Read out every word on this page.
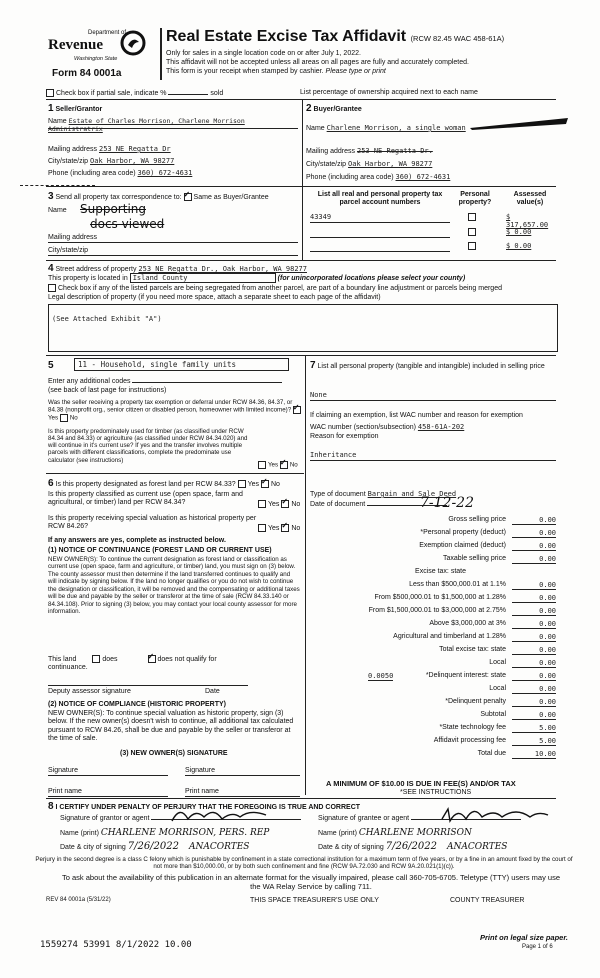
Department of
Revenue
Washington State
Form 84 0001a
Real Estate Excise Tax Affidavit (RCW 82.45 WAC 458-61A)
Only for sales in a single location code on or after July 1, 2022.
This affidavit will not be accepted unless all areas on all pages are fully and accurately completed.
This form is your receipt when stamped by cashier. Please type or print
Check box if partial sale, indicate %	sold	List percentage of ownership acquired next to each name
1 Seller/Grantor
Name Estate of Charles Morrison, Charlene Morrison Administratrix
Mailing address 253 NE Regatta Dr
City/state/zip Oak Harbor, WA 98277
Phone (including area code) 360) 672-4631
2 Buyer/Grantee
Name Charlene Morrison, a single woman
Mailing address 253 NE Regatta Dr.
City/state/zip Oak Harbor, WA 98277
Phone (including area code) 360) 672-4631
3 Send all property tax correspondence to: ✓ Same as Buyer/Grantee
Name Supporting
docs viewed
Mailing address
City/state/zip
List all real and personal property tax
parcel account numbers
Personal
property?
Assessed
value(s)
43349	$ 317,657.00
$ 0.00
$ 0.00
4 Street address of property 253 NE Regatta Dr., Oak Harbor, WA 98277
This property is located in Island County	(for unincorporated locations please select your county)
Check box if any of the listed parcels are being segregated from another parcel, are part of a boundary line adjustment or parcels being merged
Legal description of property (if you need more space, attach a separate sheet to each page of the affidavit)
(See Attached Exhibit "A")
5	11 - Household, single family units
Enter any additional codes
(see back of last page for instructions)
Was the seller receiving a property tax exemption or deferral under RCW 84.36, 84.37, or 84.38 (nonprofit org., senior citizen or disabled person, homeowner with limited income)? ✓Yes No
Is this property predominately used for timber (as classified under RCW 84.34 and 84.33) or agriculture (as classified under RCW 84.34.020) and will continue in it's current use? If yes and the transfer involves multiple parcels with different classifications, complete the predominate use calculator (see instructions)
Yes ✓ No
6 Is this property designated as forest land per RCW 84.33? Yes ✓ No
Is this property classified as current use (open space, farm and agricultural, or timber) land per RCW 84.34?	Yes ✓ No
Is this property receiving special valuation as historical property per RCW 84.26?	Yes ✓ No
If any answers are yes, complete as instructed below.
(1) NOTICE OF CONTINUANCE (FOREST LAND OR CURRENT USE)
NEW OWNER(S): To continue the current designation as forest land or classification as current use (open space, farm and agriculture, or timber) land, you must sign on (3) below. The county assessor must then determine if the land transferred continues to qualify and will indicate by signing below. If the land no longer qualifies or you do not wish to continue the designation or classification, it will be removed and the compensating or additional taxes will be due and payable by the seller or transferor at the time of sale (RCW 84.33.140 or 84.34.108). Prior to signing (3) below, you may contact your local county assessor for more information.
This land	does ✓	does not qualify for
continuance.
Deputy assessor signature	Date
(2) NOTICE OF COMPLIANCE (HISTORIC PROPERTY)
NEW OWNER(S): To continue special valuation as historic property, sign (3) below. If the new owner(s) doesn't wish to continue, all additional tax calculated pursuant to RCW 84.26, shall be due and payable by the seller or transferor at the time of sale.
(3) NEW OWNER(S) SIGNATURE
Signature	Signature
Print name	Print name
7 List all personal property (tangible and intangible) included in selling price
None
If claiming an exemption, list WAC number and reason for exemption
WAC number (section/subsection) 458-61A-202
Reason for exemption
Inheritance
Type of document Bargain and Sale Deed
Date of document	7-12-22
Gross selling price	0.00
*Personal property (deduct)	0.00
Exemption claimed (deduct)	0.00
Taxable selling price	0.00
Excise tax: state
Less than $500,000.01 at 1.1%	0.00
From $500,000.01 to $1,500,000 at 1.28%	0.00
From $1,500,000.01 to $3,000,000 at 2.75%	0.00
Above $3,000,000 at 3%	0.00
Agricultural and timberland at 1.28%	0.00
Total excise tax: state	0.00
Local	0.00
*Delinquent interest: state	0.00
Local	0.00
*Delinquent penalty	0.00
Subtotal	0.00
*State technology fee	5.00
Affidavit processing fee	5.00
Total due	10.00
0.0050
A MINIMUM OF $10.00 IS DUE IN FEE(S) AND/OR TAX
*SEE INSTRUCTIONS
8 I CERTIFY UNDER PENALTY OF PERJURY THAT THE FOREGOING IS TRUE AND CORRECT
Signature of grantor or agent
Name (print) CHARLENE MORRISON, PERS. REP
Date & city of signing 7/26/2022 ANACORTES
Signature of grantee or agent
Name (print) CHARLENE MORRISON
Date & city of signing 7/26/2022 ANACORTES
Perjury in the second degree is a class C felony which is punishable by confinement in a state correctional institution for a maximum term of five years, or by a fine in an amount fixed by the court of not more than $10,000.00, or by both such confinement and fine (RCW 9A.72.030 and RCW 9A.20.021(1)(c)).
To ask about the availability of this publication in an alternate format for the visually impaired, please call 360-705-6705. Teletype (TTY) users may use the WA Relay Service by calling 711.
REV 84 0001a (5/31/22)	THIS SPACE TREASURER'S USE ONLY	COUNTY TREASURER
1559274 53991 8/1/2022 10.00
Print on legal size paper.
Page 1 of 6
